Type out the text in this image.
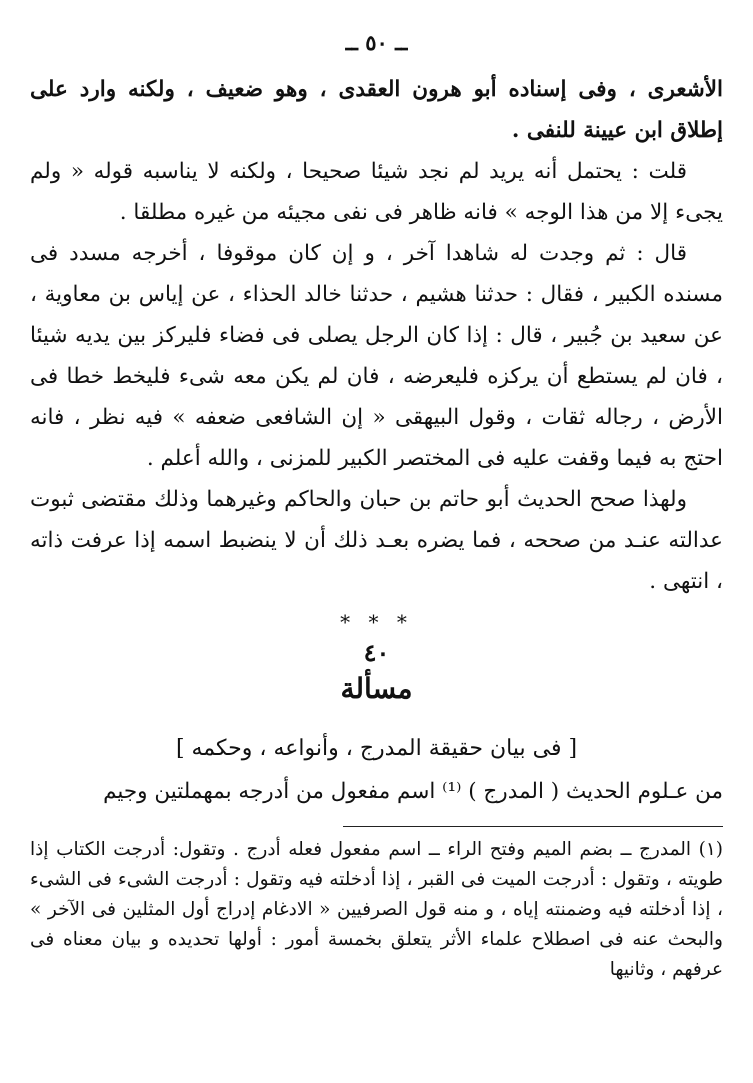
ــ ٥٠ ــ

الأشعرى ، وفى إسناده أبو هرون العقدى ، وهو ضعيف ، ولكنه وارد على إطلاق ابن عيينة للنفى .

قلت : يحتمل أنه يريد لم نجد شيئا صحيحا ، ولكنه لا يناسبه قوله « ولم يجىء إلا من هذا الوجه » فانه ظاهر فى نفى مجيئه من غيره مطلقا .

قال : ثم وجدت له شاهدا آخر ، و إن كان موقوفا ، أخرجه مسدد فى مسنده الكبير ، فقال : حدثنا هشيم ، حدثنا خالد الحذاء ، عن إياس بن معاوية ، عن سعيد بن جُبير ، قال : إذا كان الرجل يصلى فى فضاء فليركز بين يديه شيئا ، فان لم يستطع أن يركزه فليعرضه ، فان لم يكن معه شىء فليخط خطا فى الأرض ، رجاله ثقات ، وقول البيهقى « إن الشافعى ضعفه » فيه نظر ، فانه احتج به فيما وقفت عليه فى المختصر الكبير للمزنى ، والله أعلم .

ولهذا صحح الحديث أبو حاتم بن حبان والحاكم وغيرهما وذلك مقتضى ثبوت عدالته عنـد من صححه ، فما يضره بعـد ذلك أن لا ينضبط اسمه إذا عرفت ذاته ، انتهى .

* * *
٤٠
مسألة
[ فى بيان حقيقة المدرج ، وأنواعه ، وحكمه ]
من عـلوم الحديث ( المدرج ) ⁽¹⁾ اسم مفعول من أدرجه بمهملتين وجيم

(١) المدرج ــ بضم الميم وفتح الراء ــ اسم مفعول فعله أدرج . وتقول: أدرجت الكتاب إذا طويته ، وتقول : أدرجت الميت فى القبر ، إذا أدخلته فيه وتقول : أدرجت الشىء فى الشىء ، إذا أدخلته فيه وضمنته إياه ، و منه قول الصرفيين « الادغام إدراج أول المثلين فى الآخر » والبحث عنه فى اصطلاح علماء الأثر يتعلق بخمسة أمور : أولها تحديده و بيان معناه فى عرفهم ، وثانيها
